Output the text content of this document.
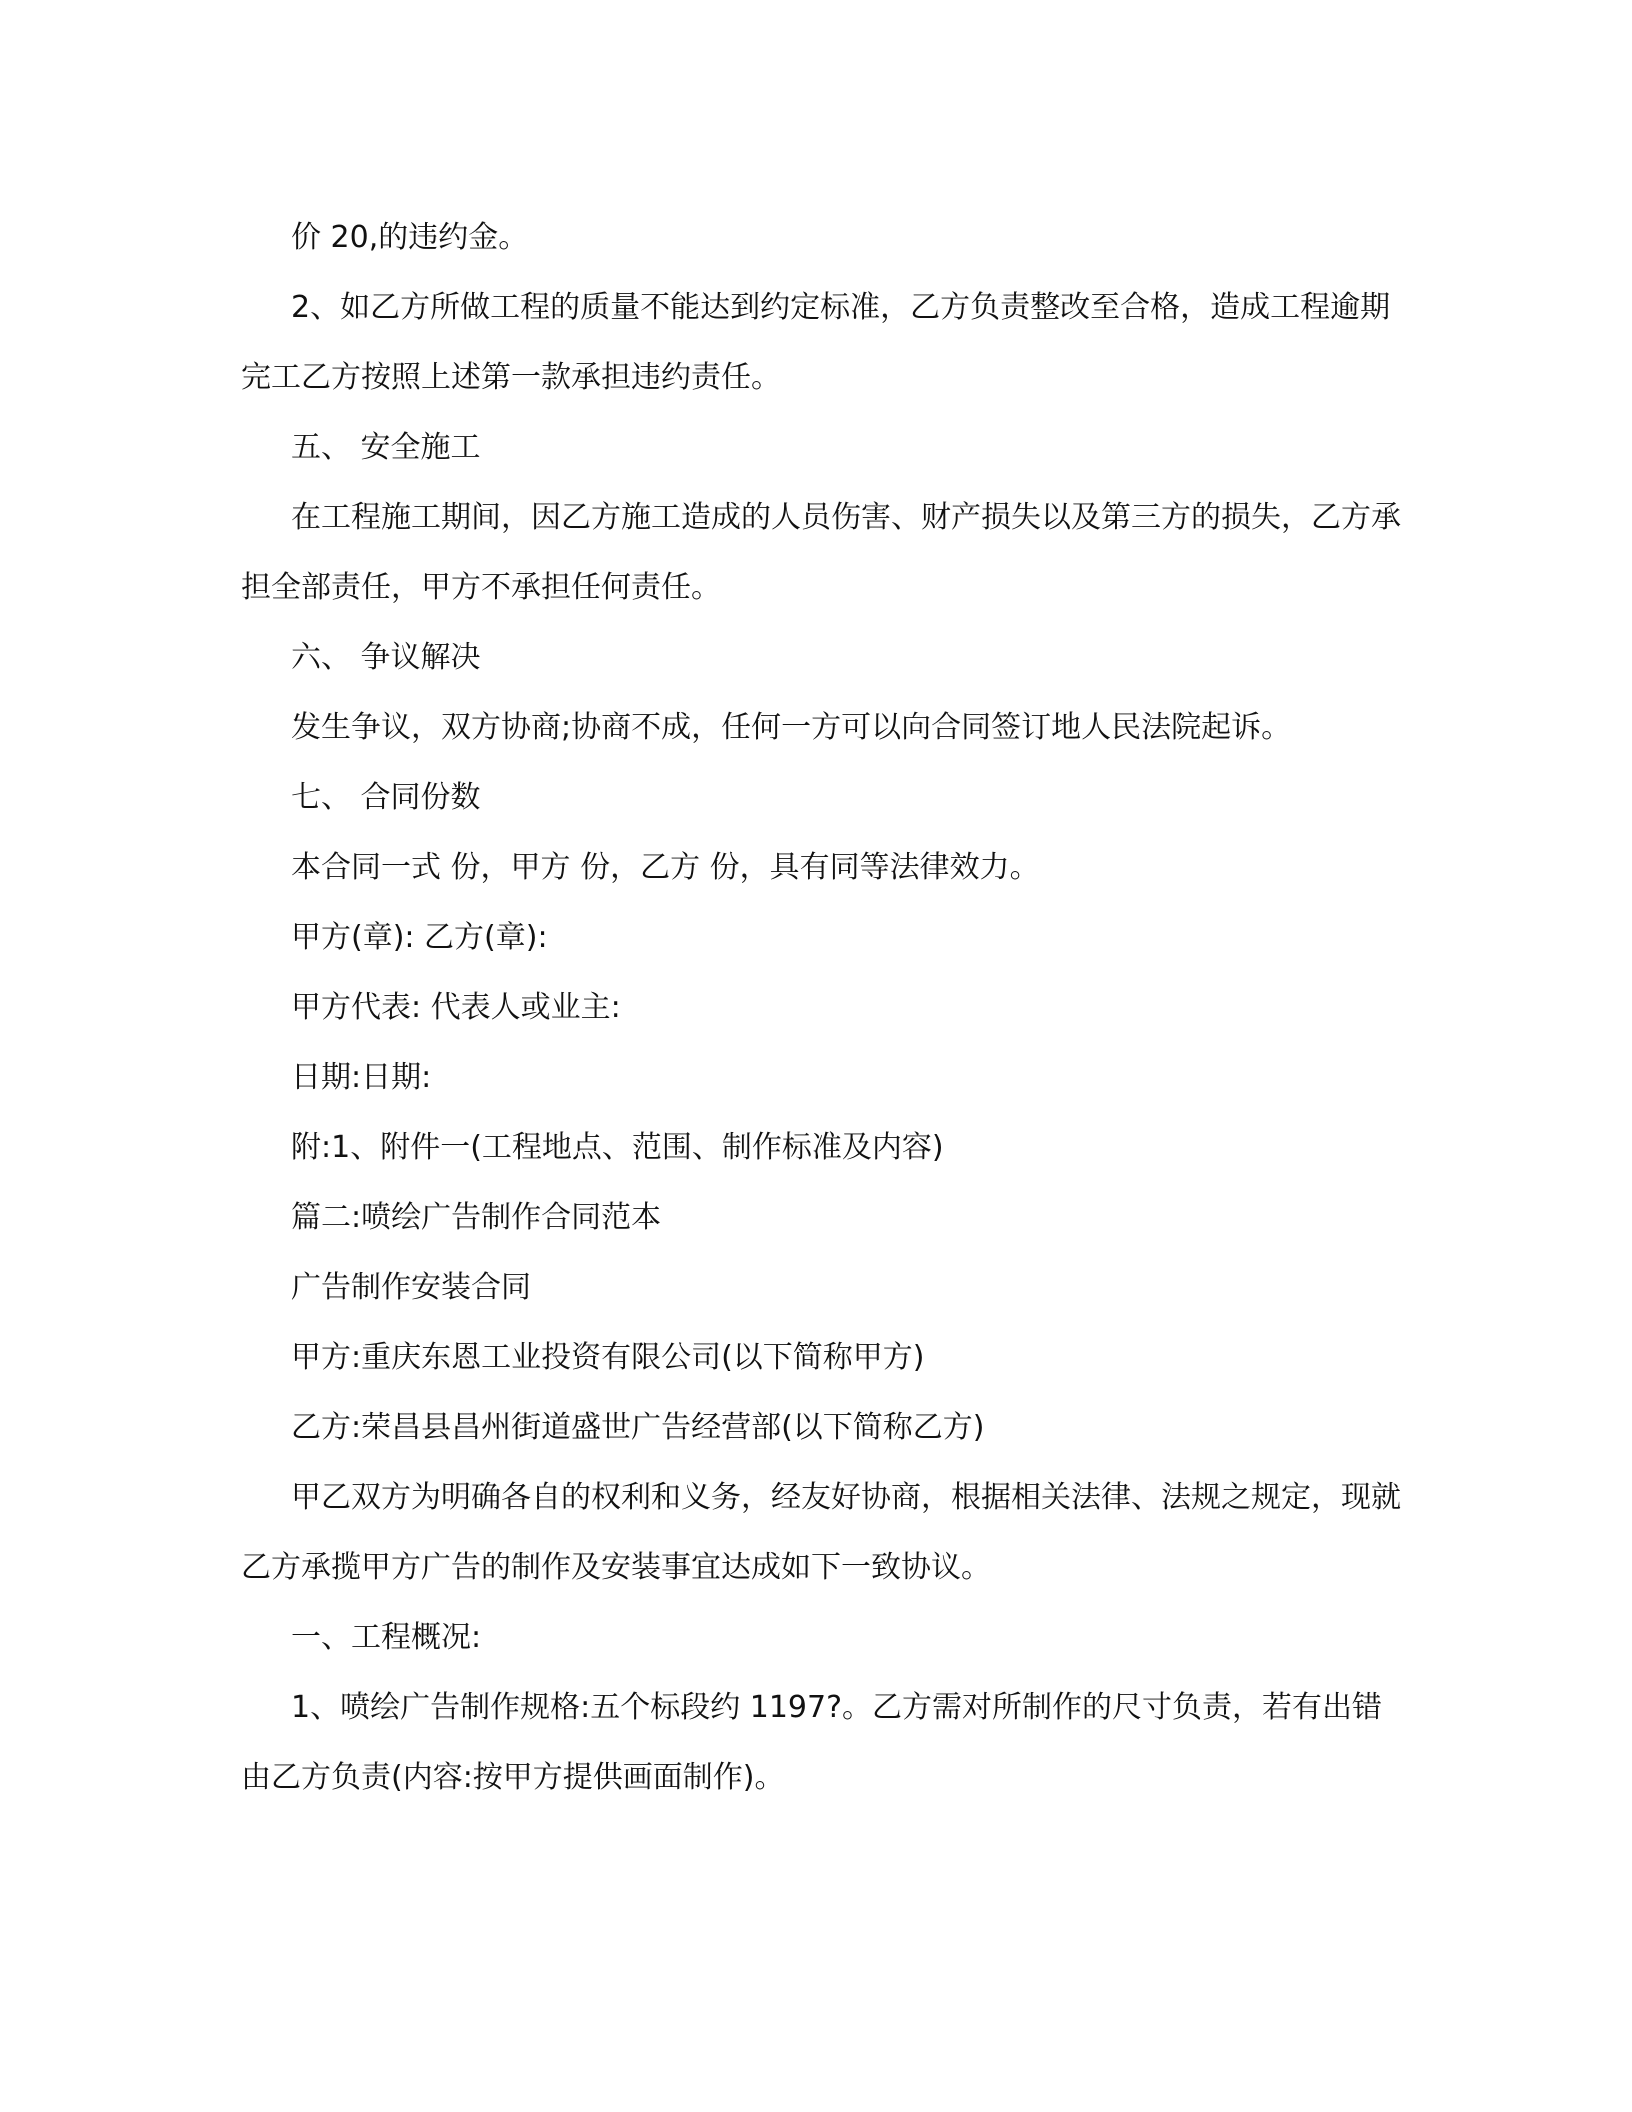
价 20,的违约金。

2、如乙方所做工程的质量不能达到约定标准，乙方负责整改至合格，造成工程逾期完工乙方按照上述第一款承担违约责任。

五、 安全施工

在工程施工期间，因乙方施工造成的人员伤害、财产损失以及第三方的损失，乙方承担全部责任，甲方不承担任何责任。

六、 争议解决

发生争议，双方协商;协商不成，任何一方可以向合同签订地人民法院起诉。

七、 合同份数

本合同一式 份，甲方 份，乙方 份，具有同等法律效力。

甲方(章): 乙方(章):

甲方代表: 代表人或业主:

日期:日期:

附:1、附件一(工程地点、范围、制作标准及内容)

篇二:喷绘广告制作合同范本

广告制作安装合同

甲方:重庆东恩工业投资有限公司(以下简称甲方)

乙方:荣昌县昌州街道盛世广告经营部(以下简称乙方)

甲乙双方为明确各自的权利和义务，经友好协商，根据相关法律、法规之规定，现就乙方承揽甲方广告的制作及安装事宜达成如下一致协议。

一、工程概况:

1、喷绘广告制作规格:五个标段约 1197?。乙方需对所制作的尺寸负责，若有出错由乙方负责(内容:按甲方提供画面制作)。
